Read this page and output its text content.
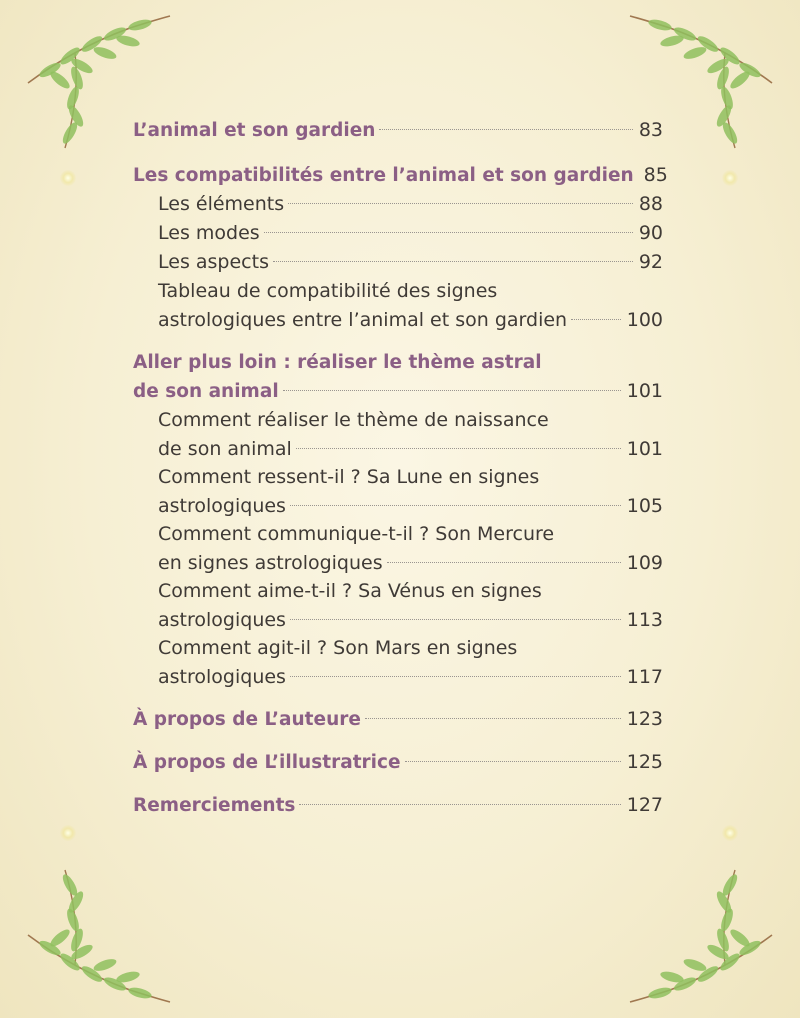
L’animal et son gardien	83
Les compatibilités entre l’animal et son gardien 85
Les éléments	88
Les modes	90
Les aspects	92
Tableau de compatibilité des signes
astrologiques entre l’animal et son gardien	100
Aller plus loin : réaliser le thème astral
de son animal	101
Comment réaliser le thème de naissance
de son animal	101
Comment ressent-il ? Sa Lune en signes
astrologiques	105
Comment communique-t-il ? Son Mercure
en signes astrologiques	109
Comment aime-t-il ? Sa Vénus en signes
astrologiques	113
Comment agit-il ? Son Mars en signes
astrologiques	117
À propos de L’auteure	123
À propos de L’illustratrice	125
Remerciements	127
